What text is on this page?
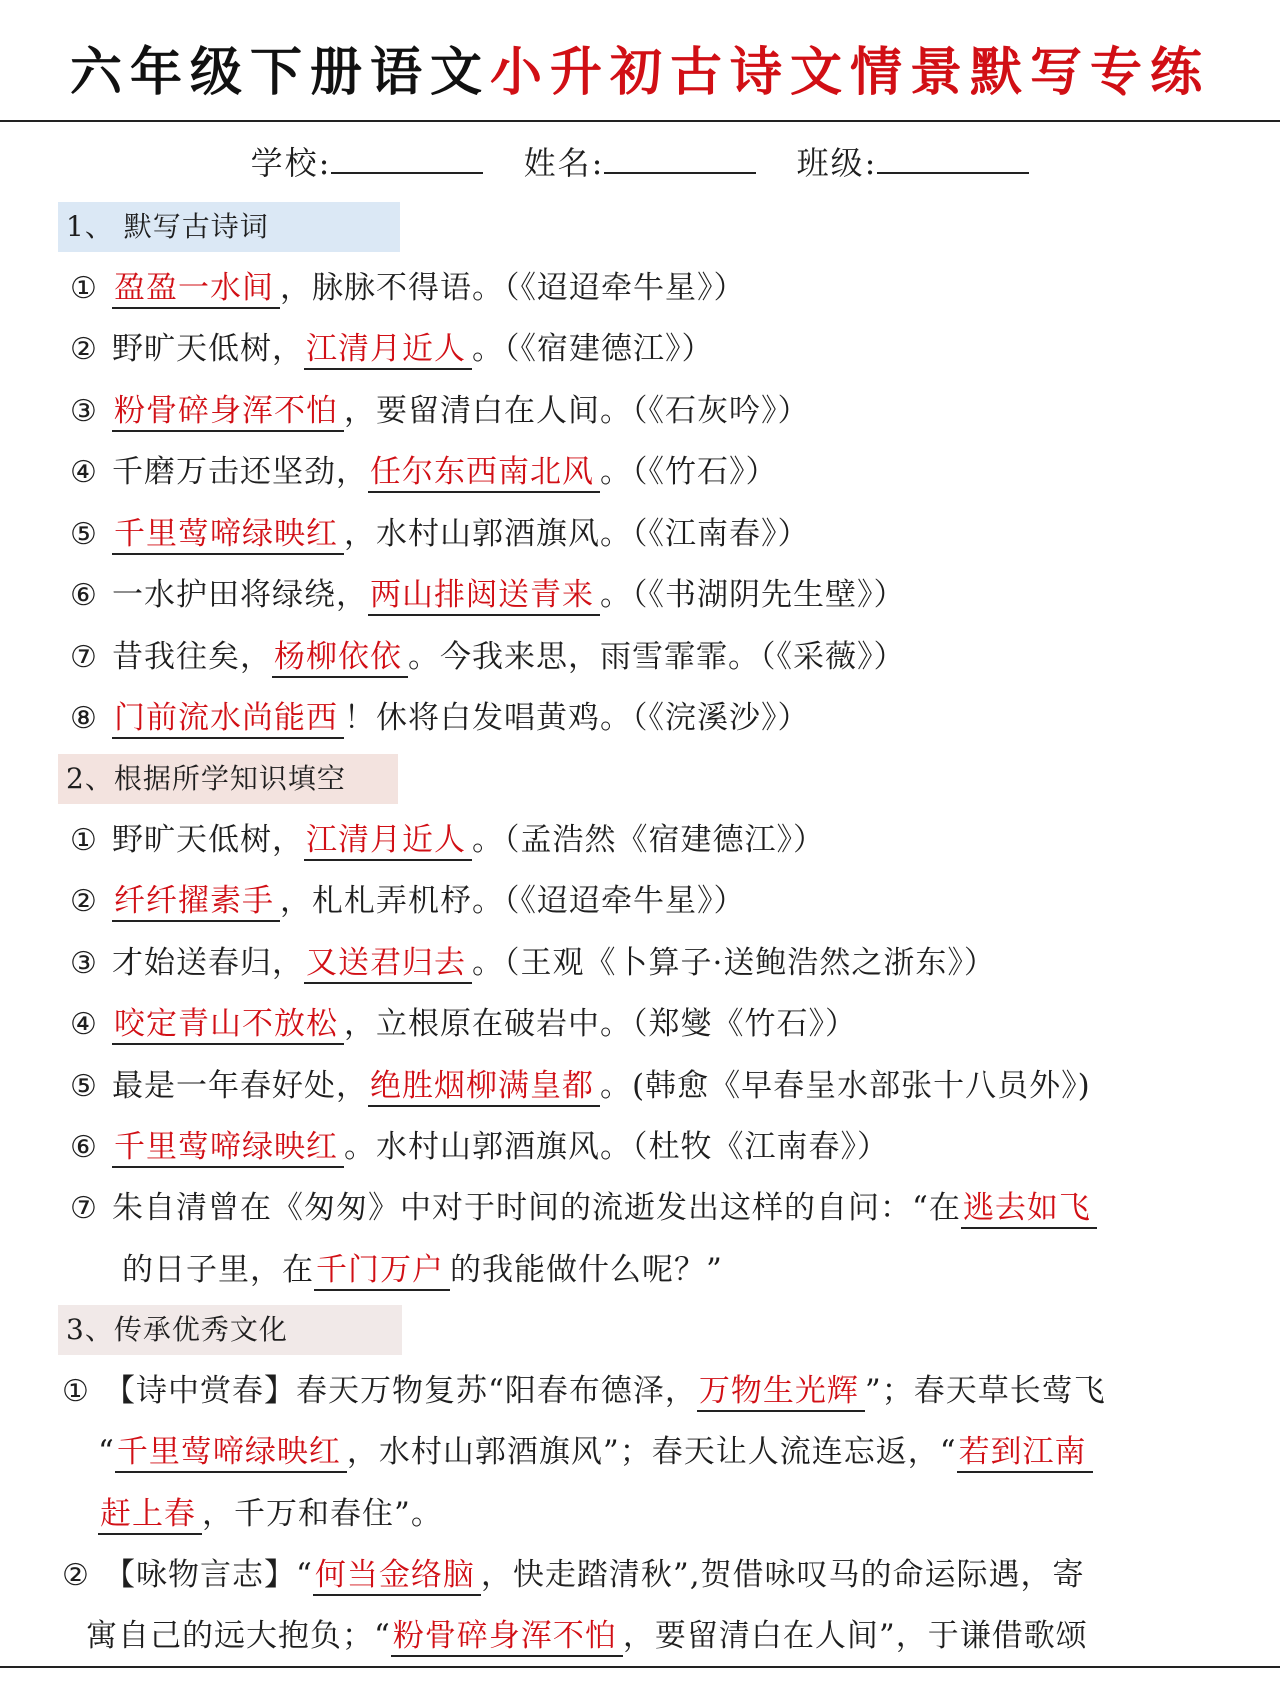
六年级下册语文小升初古诗文情景默写专练
学校:	姓名:	班级:
1、 默写古诗词
① 盈盈一水间 ，脉脉不得语。（《迢迢牵牛星》）
② 野旷天低树，江清月近人 。（《宿建德江》）
③ 粉骨碎身浑不怕 ，要留清白在人间。（《石灰吟》）
④ 千磨万击还坚劲，任尔东西南北风 。（《竹石》）
⑤ 千里莺啼绿映红 ，水村山郭酒旗风。（《江南春》）
⑥ 一水护田将绿绕，两山排闼送青来 。（《书湖阴先生壁》）
⑦ 昔我往矣，杨柳依依 。今我来思，雨雪霏霏。（《采薇》）
⑧ 门前流水尚能西 ！休将白发唱黄鸡。（《浣溪沙》）
2、根据所学知识填空
① 野旷天低树，江清月近人 。（孟浩然《宿建德江》）
② 纤纤擢素手 ，札札弄机杼。（《迢迢牵牛星》）
③ 才始送春归，又送君归去 。（王观《卜算子·送鲍浩然之浙东》）
④ 咬定青山不放松 ，立根原在破岩中。（郑燮《竹石》）
⑤ 最是一年春好处，绝胜烟柳满皇都 。(韩愈《早春呈水部张十八员外》)
⑥ 千里莺啼绿映红 。水村山郭酒旗风。（杜牧《江南春》）
⑦ 朱自清曾在《匆匆》中对于时间的流逝发出这样的自问：“在逃去如飞
的日子里，在千门万户 的我能做什么呢？”
3、传承优秀文化
① 【诗中赏春】春天万物复苏“阳春布德泽，万物生光辉 ”；春天草长莺飞
“千里莺啼绿映红 ，水村山郭酒旗风”；春天让人流连忘返，“若到江南
赶上春 ，千万和春住”。
② 【咏物言志】“何当金络脑 ，快走踏清秋”,贺借咏叹马的命运际遇，寄
寓自己的远大抱负；“粉骨碎身浑不怕 ，要留清白在人间”，于谦借歌颂
